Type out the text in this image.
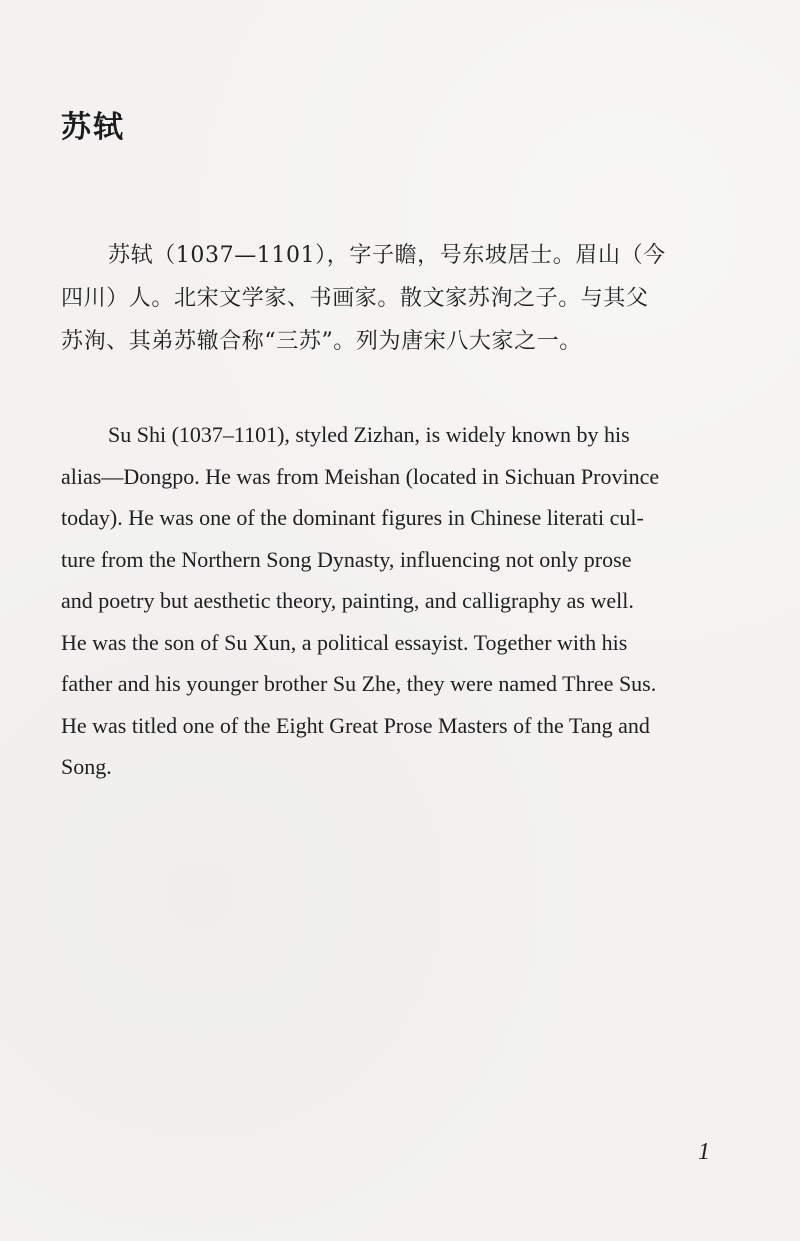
苏轼

苏轼（1037—1101），字子瞻，号东坡居士。眉山（今
四川）人。北宋文学家、书画家。散文家苏洵之子。与其父
苏洵、其弟苏辙合称“三苏”。列为唐宋八大家之一。

Su Shi (1037–1101), styled Zizhan, is widely known by his
alias—Dongpo. He was from Meishan (located in Sichuan Province
today). He was one of the dominant figures in Chinese literati cul-
ture from the Northern Song Dynasty, influencing not only prose
and poetry but aesthetic theory, painting, and calligraphy as well.
He was the son of Su Xun, a political essayist. Together with his
father and his younger brother Su Zhe, they were named Three Sus.
He was titled one of the Eight Great Prose Masters of the Tang and
Song.

1
